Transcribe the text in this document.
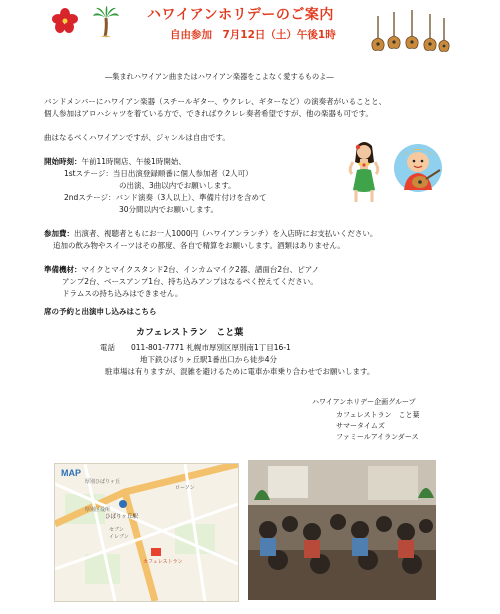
ハワイアンホリデーのご案内
自由参加　7月12日（土）午後1時
―集まれハワイアン曲またはハワイアン楽器をこよなく愛するものよ―
バンドメンバーにハワイアン楽器（スチールギター、ウクレレ、ギターなど）の演奏者がいることと、
個人参加はアロハシャツを着ている方で、できればウクレレ奏者希望ですが、他の楽器も可です。
曲はなるべくハワイアンですが、ジャンルは自由です。
開始時刻：午前11時開店、午後1時開始、
1stステージ：当日出演登録順番に個人参加者（2人可）
の出演、3曲以内でお願いします。
2ndステージ：バンド演奏（3人以上）、準備片付けを含めて
30分間以内でお願いします。
参加費：出演者、視聴者ともにお一人1000円（ハワイアンランチ）を入店時にお支払いください。
追加の飲み物やスイーツはその都度、各自で精算をお願いします。酒類はありません。
準備機材：マイクとマイクスタンド2台、インカムマイク2器、譜面台2台、ピアノ
アンプ2台、ベースアンプ1台、持ち込みアンプはなるべく控えてください。
ドラムスの持ち込みはできません。
席の予約と出演申し込みはこちら
カフェレストラン　こと葉
電話 011-801-7771 札幌市厚別区厚別南1丁目16-1
地下鉄ひばりヶ丘駅1番出口から徒歩4分
駐車場は有りますが、混雑を避けるために電車か車乗り合わせでお願いします。
ハワイアンホリデー企画グループ
カフェレストラン　こと葉
サマータイムズ
ファミールアイランダース
MAP
ひばりヶ丘駅
厚別ひばりヶ丘
厚別区役所
ローソン
セブン
イレブン
カフェレストラン
